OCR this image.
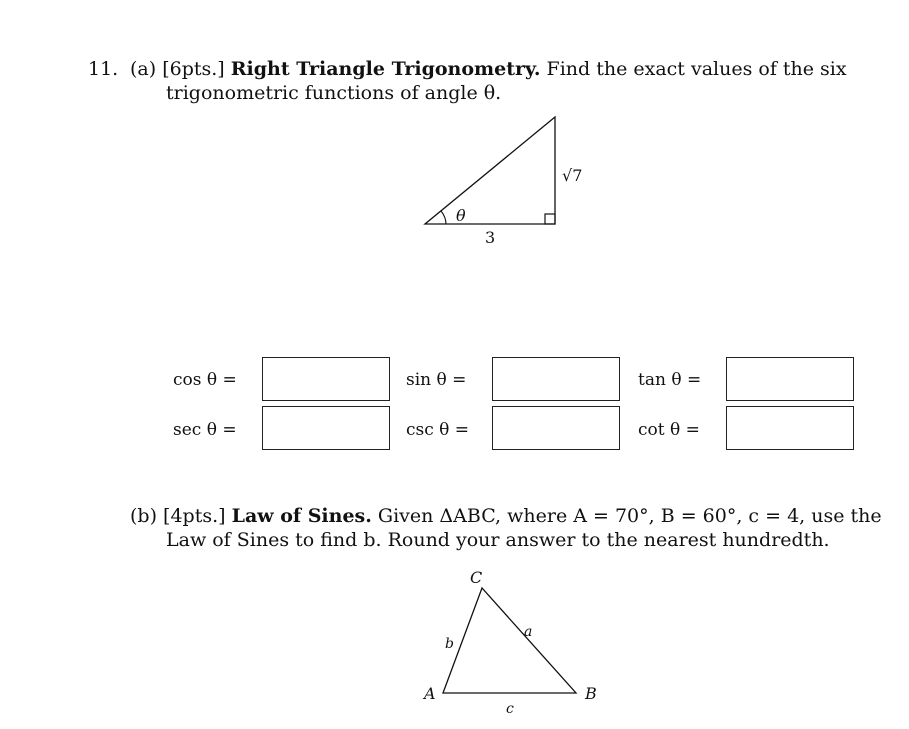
11. (a) [6pts.] Right Triangle Trigonometry. Find the exact values of the six
trigonometric functions of angle θ.
θ
3
√7
cos θ =	sin θ =	tan θ =
sec θ =	csc θ =	cot θ =
(b) [4pts.] Law of Sines. Given ΔABC, where A = 70°, B = 60°, c = 4, use the
Law of Sines to find b. Round your answer to the nearest hundredth.
A	B
C
a
b
c
